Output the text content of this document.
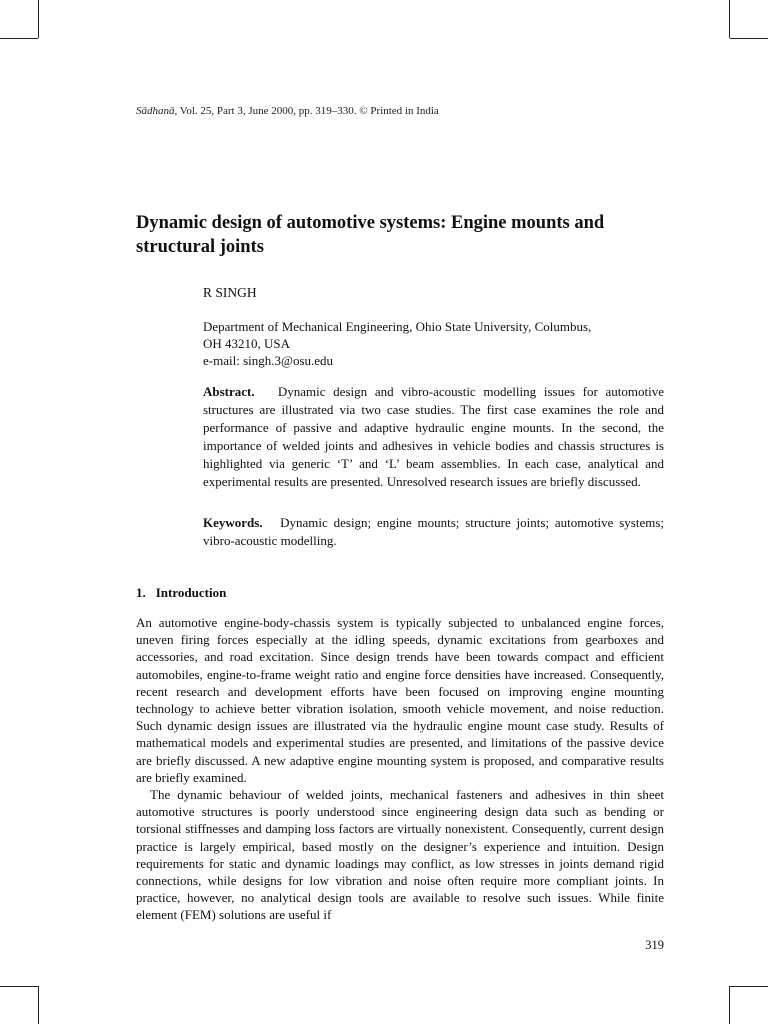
Sādhanā, Vol. 25, Part 3, June 2000, pp. 319–330. © Printed in India
Dynamic design of automotive systems: Engine mounts and structural joints
R SINGH
Department of Mechanical Engineering, Ohio State University, Columbus,
OH 43210, USA
e-mail: singh.3@osu.edu
Abstract. Dynamic design and vibro-acoustic modelling issues for automotive structures are illustrated via two case studies. The first case examines the role and performance of passive and adaptive hydraulic engine mounts. In the second, the importance of welded joints and adhesives in vehicle bodies and chassis structures is highlighted via generic ‘T’ and ‘L’ beam assemblies. In each case, analytical and experimental results are presented. Unresolved research issues are briefly discussed.
Keywords. Dynamic design; engine mounts; structure joints; automotive systems; vibro-acoustic modelling.
1. Introduction

An automotive engine-body-chassis system is typically subjected to unbalanced engine forces, uneven firing forces especially at the idling speeds, dynamic excitations from gearboxes and accessories, and road excitation. Since design trends have been towards compact and efficient automobiles, engine-to-frame weight ratio and engine force densities have increased. Consequently, recent research and development efforts have been focused on improving engine mounting technology to achieve better vibration isolation, smooth vehicle movement, and noise reduction. Such dynamic design issues are illustrated via the hydraulic engine mount case study. Results of mathematical models and experimental studies are presented, and limitations of the passive device are briefly discussed. A new adaptive engine mounting system is proposed, and comparative results are briefly examined.

The dynamic behaviour of welded joints, mechanical fasteners and adhesives in thin sheet automotive structures is poorly understood since engineering design data such as bending or torsional stiffnesses and damping loss factors are virtually nonexistent. Consequently, current design practice is largely empirical, based mostly on the designer’s experience and intuition. Design requirements for static and dynamic loadings may conflict, as low stresses in joints demand rigid connections, while designs for low vibration and noise often require more compliant joints. In practice, however, no analytical design tools are available to resolve such issues. While finite element (FEM) solutions are useful if

319
